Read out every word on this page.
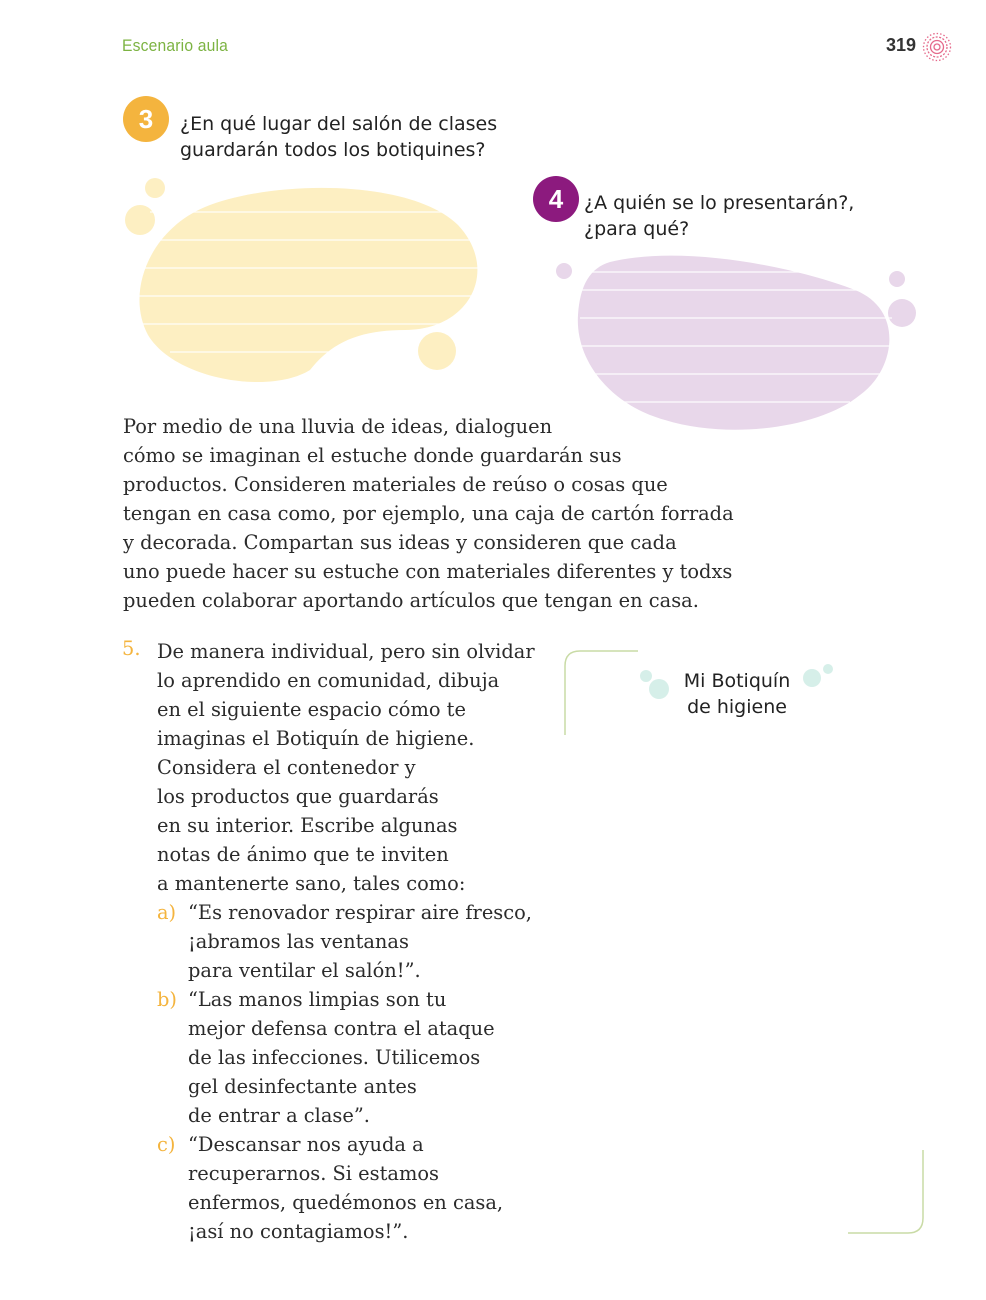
Escenario aula	319
3	¿En qué lugar del salón de clases
guardarán todos los botiquines?
4	¿A quién se lo presentarán?,
¿para qué?
Por medio de una lluvia de ideas, dialoguen
cómo se imaginan el estuche donde guardarán sus
productos. Consideren materiales de reúso o cosas que
tengan en casa como, por ejemplo, una caja de cartón forrada
y decorada. Compartan sus ideas y consideren que cada
uno puede hacer su estuche con materiales diferentes y todxs
pueden colaborar aportando artículos que tengan en casa.
5. De manera individual, pero sin olvidar
lo aprendido en comunidad, dibuja
en el siguiente espacio cómo te
imaginas el Botiquín de higiene.
Considera el contenedor y
los productos que guardarás
en su interior. Escribe algunas
notas de ánimo que te inviten
a mantenerte sano, tales como:
a) “Es renovador respirar aire fresco,
¡abramos las ventanas
para ventilar el salón!”.
b) “Las manos limpias son tu
mejor defensa contra el ataque
de las infecciones. Utilicemos
gel desinfectante antes
de entrar a clase”.
c) “Descansar nos ayuda a
recuperarnos. Si estamos
enfermos, quedémonos en casa,
¡así no contagiamos!”.
Mi Botiquín
de higiene
